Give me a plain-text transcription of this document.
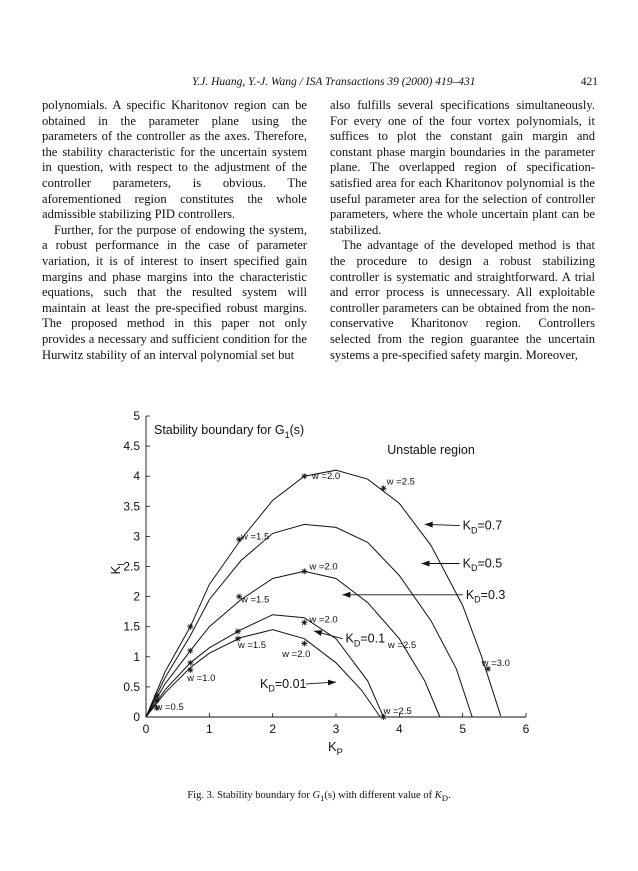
Y.J. Huang, Y.-J. Wang / ISA Transactions 39 (2000) 419–431	421

polynomials. A specific Kharitonov region can be obtained in the parameter plane using the parameters of the controller as the axes. Therefore, the stability characteristic for the uncertain system in question, with respect to the adjustment of the controller parameters, is obvious. The aforementioned region constitutes the whole admissible stabilizing PID controllers.

Further, for the purpose of endowing the system, a robust performance in the case of parameter variation, it is of interest to insert specified gain margins and phase margins into the characteristic equations, such that the resulted system will maintain at least the pre-specified robust margins. The proposed method in this paper not only provides a necessary and sufficient condition for the Hurwitz stability of an interval polynomial set but

also fulfills several specifications simultaneously. For every one of the four vortex polynomials, it suffices to plot the constant gain margin and constant phase margin boundaries in the parameter plane. The overlapped region of specification-satisfied area for each Kharitonov polynomial is the useful parameter area for the selection of controller parameters, where the whole uncertain plant can be stabilized.

The advantage of the developed method is that the procedure to design a robust stabilizing controller is systematic and straightforward. A trial and error process is unnecessary. All exploitable controller parameters can be obtained from the non-conservative Kharitonov region. Controllers selected from the region guarantee the uncertain systems a pre-specified safety margin. Moreover,

0	1	2	3	4	5	6
0
0.5
1
1.5
2
2.5
3
3.5
4
4.5
5
$K_P$
$K_I$
Stability boundary for $G_1(s)$
Unstable region
w =0.5
w =1.0
w =1.5
w =1.5
w =1.5
w =2.0
w =2.0
w =2.0
w =2.0
w =2.5
w =2.5
w =2.5
w =3.0
$K_D=0.7$
$K_D=0.5$
$K_D=0.3$
$K_D=0.1$
$K_D=0.01$
Fig. 3. Stability boundary for $G_1(s)$ with different value of $K_D$.
